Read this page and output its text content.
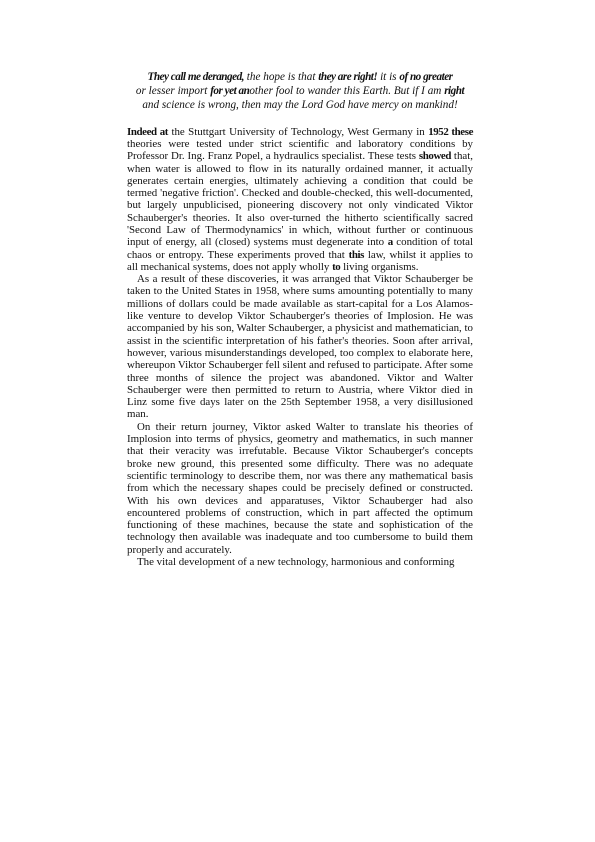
They call me deranged, the hope is that they are right! it is of no greater
or lesser import for yet another fool to wander this Earth. But if I am right
and science is wrong, then may the Lord God have mercy on mankind!

Indeed at the Stuttgart University of Technology, West Germany in 1952 these theories were tested under strict scientific and laboratory conditions by Professor Dr. Ing. Franz Popel, a hydraulics specialist. These tests showed that, when water is allowed to flow in its naturally ordained manner, it actually generates certain energies, ultimately achieving a condition that could be termed 'negative friction'. Checked and double-checked, this well-documented, but largely unpublicised, pioneering discovery not only vindicated Viktor Schauberger's theories. It also over-turned the hitherto scientifically sacred 'Second Law of Thermodynamics' in which, without further or continuous input of energy, all (closed) systems must degenerate into a condition of total chaos or entropy. These experiments proved that this law, whilst it applies to all mechanical systems, does not apply wholly to living organisms.

As a result of these discoveries, it was arranged that Viktor Schauberger be taken to the United States in 1958, where sums amounting potentially to many millions of dollars could be made available as start-capital for a Los Alamos-like venture to develop Viktor Schauberger's theories of Implosion. He was accompanied by his son, Walter Schauberger, a physicist and mathematician, to assist in the scientific interpretation of his father's theories. Soon after arrival, however, various misunderstandings developed, too complex to elaborate here, whereupon Viktor Schauberger fell silent and refused to participate. After some three months of silence the project was abandoned. Viktor and Walter Schauberger were then permitted to return to Austria, where Viktor died in Linz some five days later on the 25th September 1958, a very disillusioned man.

On their return journey, Viktor asked Walter to translate his theories of Implosion into terms of physics, geometry and mathematics, in such manner that their veracity was irrefutable. Because Viktor Schauberger's concepts broke new ground, this presented some difficulty. There was no adequate scientific terminology to describe them, nor was there any mathematical basis from which the necessary shapes could be precisely defined or constructed. With his own devices and apparatuses, Viktor Schauberger had also encountered problems of construction, which in part affected the optimum functioning of these machines, because the state and sophistication of the technology then available was inadequate and too cumbersome to build them properly and accurately.

The vital development of a new technology, harmonious and conforming
